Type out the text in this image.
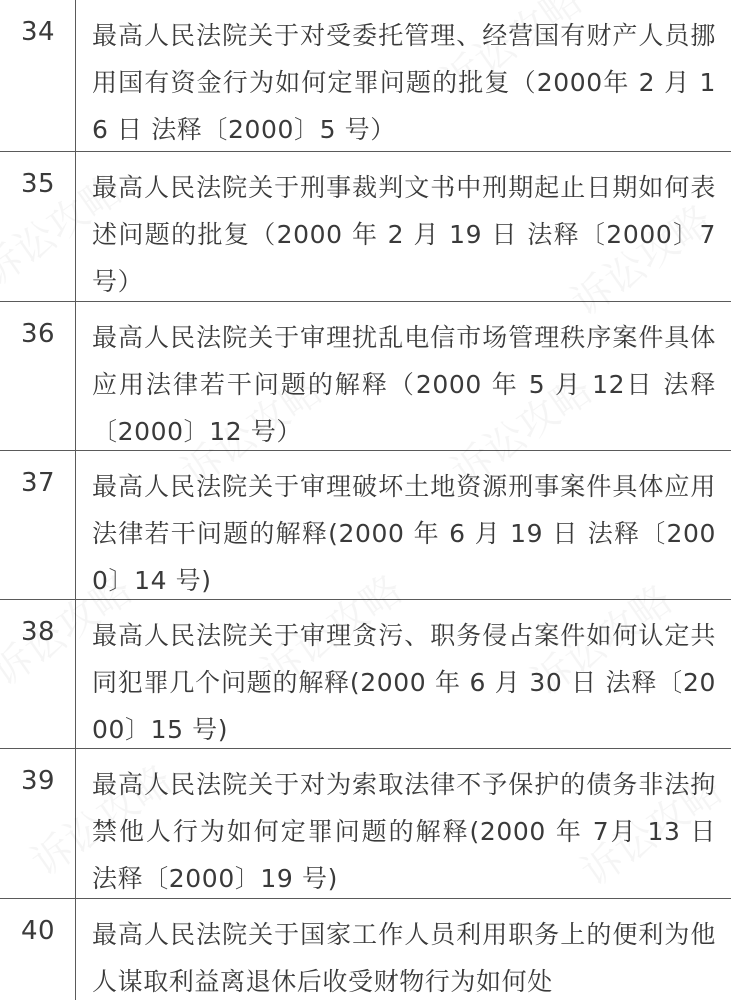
34	最高人民法院关于对受委托管理、经营国有财产人员挪用国有资金行为如何定罪问题的批复（2000年 2 月 16 日 法释〔2000〕5 号）
35	最高人民法院关于刑事裁判文书中刑期起止日期如何表述问题的批复（2000 年 2 月 19 日 法释〔2000〕7 号）
36	最高人民法院关于审理扰乱电信市场管理秩序案件具体应用法律若干问题的解释（2000 年 5 月 12日 法释〔2000〕12 号）
37	最高人民法院关于审理破坏土地资源刑事案件具体应用法律若干问题的解释(2000 年 6 月 19 日 法释〔2000〕14 号)
38	最高人民法院关于审理贪污、职务侵占案件如何认定共同犯罪几个问题的解释(2000 年 6 月 30 日 法释〔2000〕15 号)
39	最高人民法院关于对为索取法律不予保护的债务非法拘禁他人行为如何定罪问题的解释(2000 年 7月 13 日 法释〔2000〕19 号)
40	最高人民法院关于国家工作人员利用职务上的便利为他人谋取利益离退休后收受财物行为如何处
